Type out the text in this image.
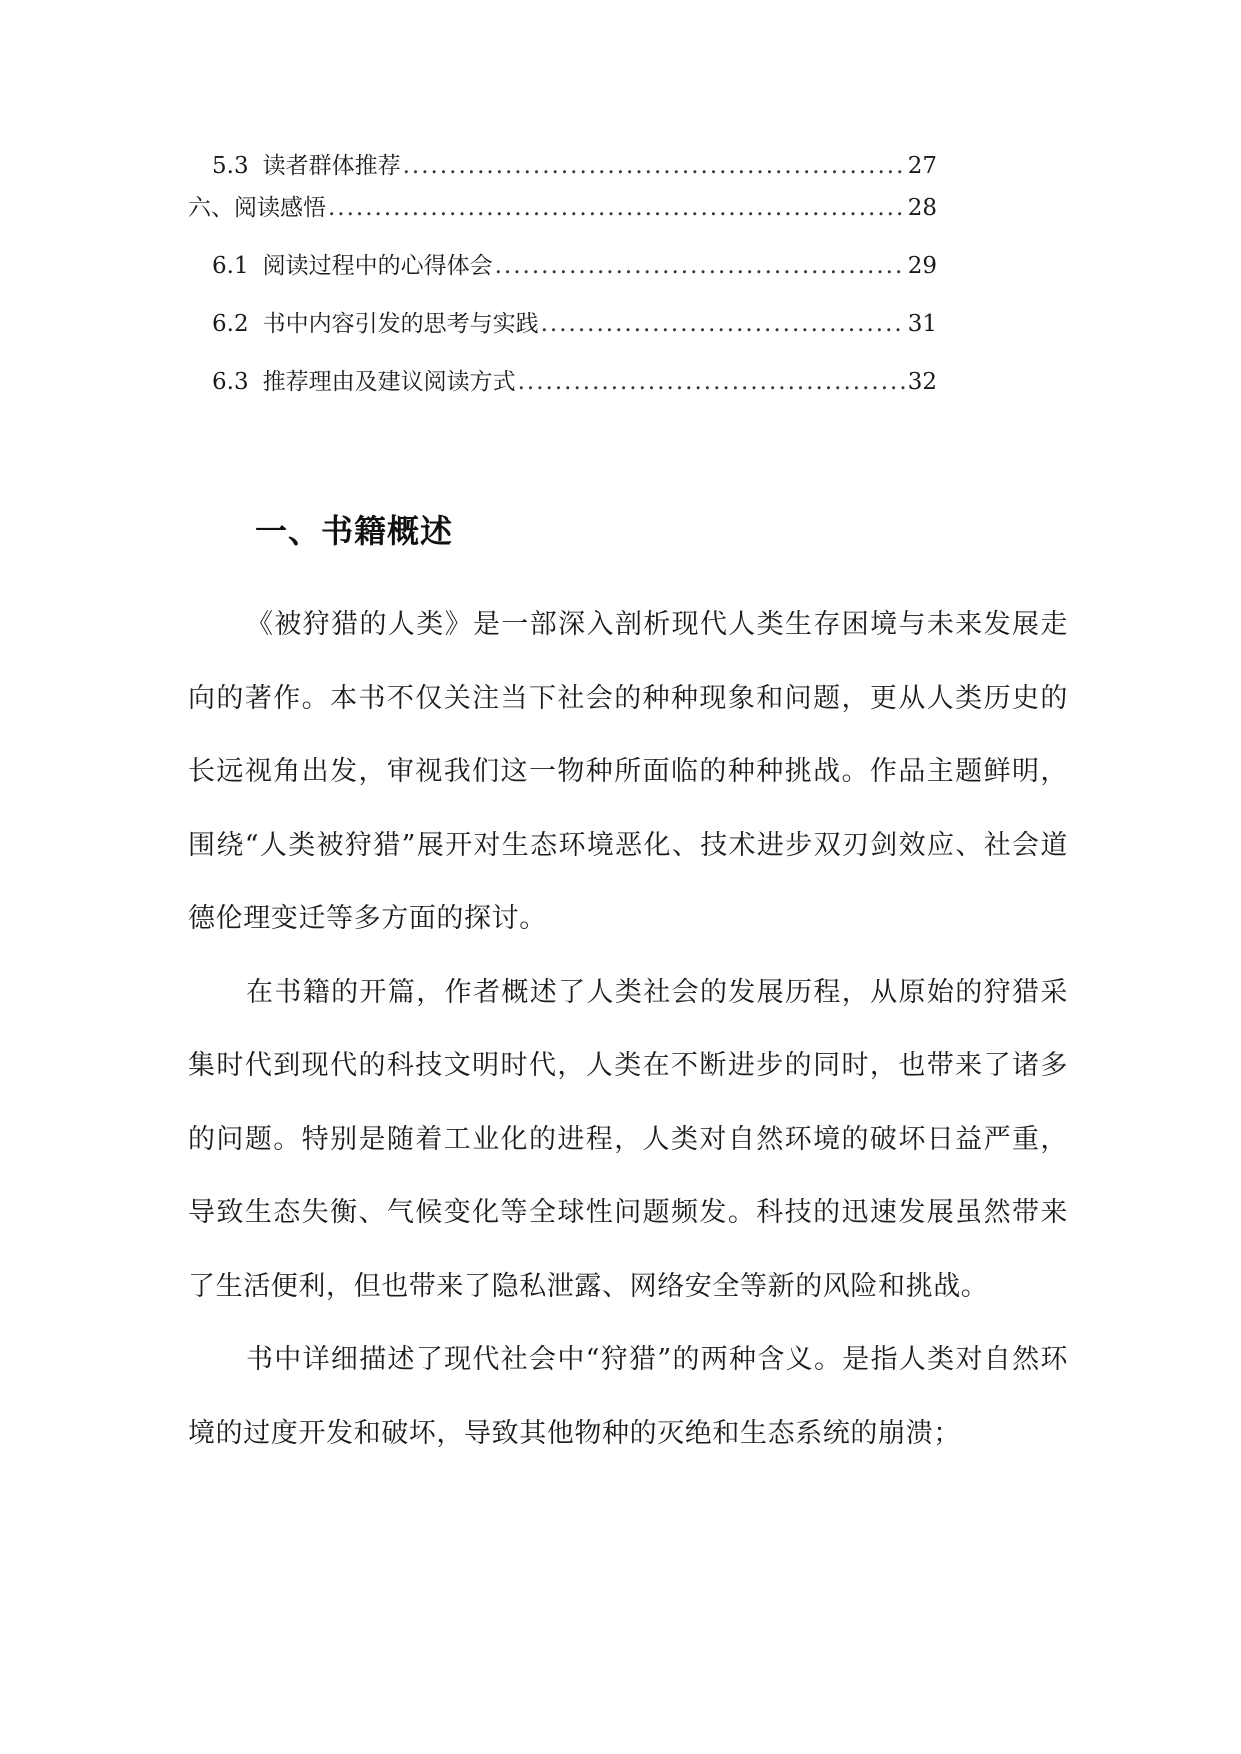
5.3 读者群体推荐 .....	27
六、阅读感悟 .....	28
6.1 阅读过程中的心得体会 .....	29
6.2 书中内容引发的思考与实践 .....	31
6.3 推荐理由及建议阅读方式 .....	32
一、书籍概述

《被狩猎的人类》是一部深入剖析现代人类生存困境与未来发展走向的著作。本书不仅关注当下社会的种种现象和问题，更从人类历史的长远视角出发，审视我们这一物种所面临的种种挑战。作品主题鲜明，围绕“人类被狩猎”展开对生态环境恶化、技术进步双刃剑效应、社会道德伦理变迁等多方面的探讨。

在书籍的开篇，作者概述了人类社会的发展历程，从原始的狩猎采集时代到现代的科技文明时代，人类在不断进步的同时，也带来了诸多的问题。特别是随着工业化的进程，人类对自然环境的破坏日益严重，导致生态失衡、气候变化等全球性问题频发。科技的迅速发展虽然带来了生活便利，但也带来了隐私泄露、网络安全等新的风险和挑战。

书中详细描述了现代社会中“狩猎”的两种含义。是指人类对自然环境的过度开发和破坏，导致其他物种的灭绝和生态系统的崩溃；
